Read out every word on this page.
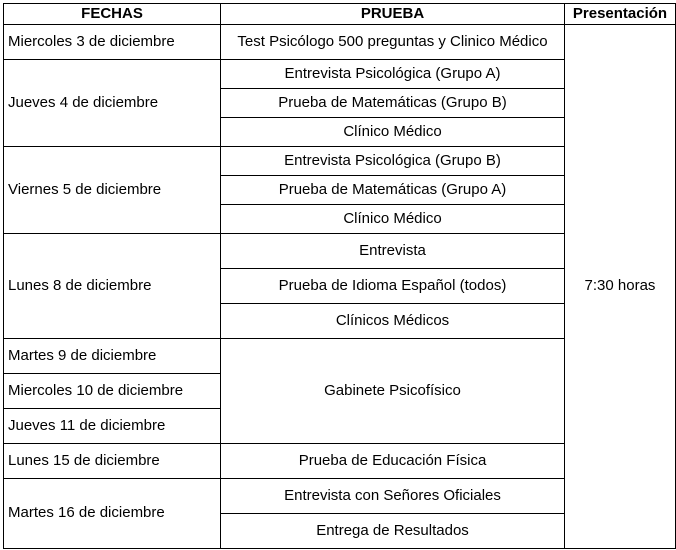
FECHAS	PRUEBA	Presentación
Miercoles 3 de diciembre	Test Psicólogo 500 preguntas y Clinico Médico	7:30 horas
Jueves 4 de diciembre	Entrevista Psicológica (Grupo A)	
	Prueba de Matemáticas (Grupo B)	
	Clínico Médico	
Viernes 5 de diciembre	Entrevista Psicológica (Grupo B)	
	Prueba de Matemáticas (Grupo A)	
	Clínico Médico	
Lunes 8 de diciembre	Entrevista	
	Prueba de Idioma Español (todos)	
	Clínicos Médicos	
Martes 9 de diciembre	Gabinete Psicofísico	
Miercoles 10 de diciembre		
Jueves 11 de diciembre		
Lunes 15 de diciembre	Prueba de Educación Física	
Martes 16 de diciembre	Entrevista con Señores Oficiales	
	Entrega de Resultados	
